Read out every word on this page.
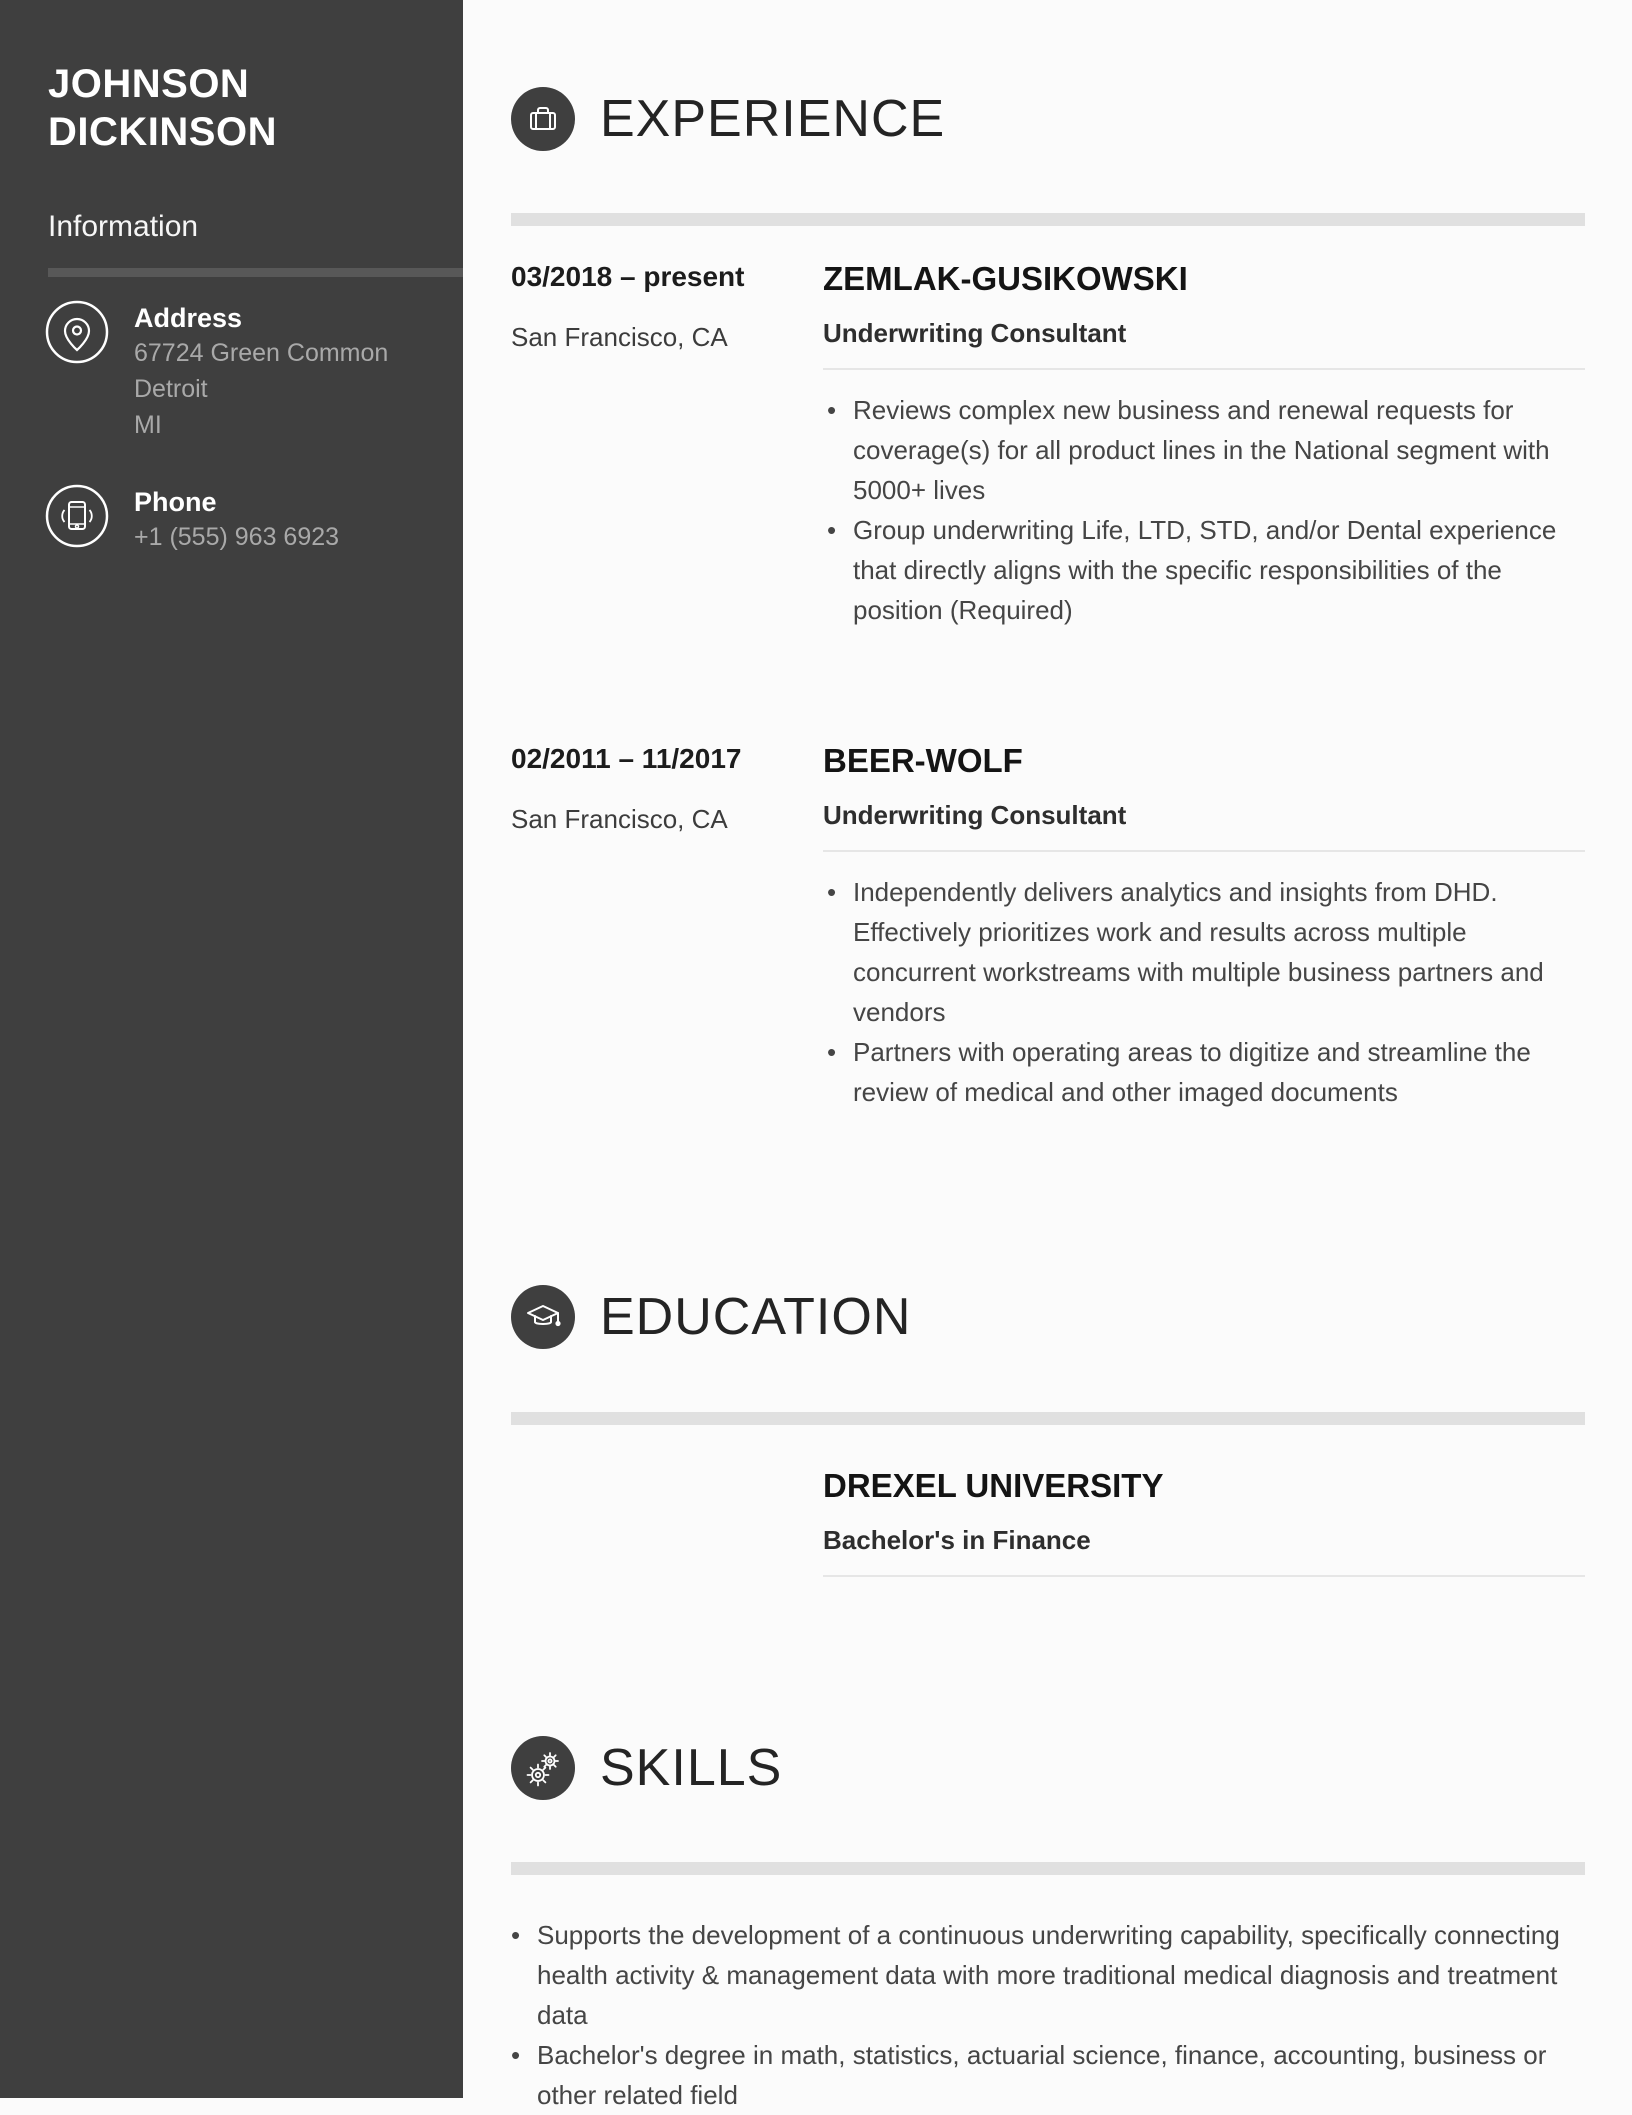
JOHNSON DICKINSON
Information
Address
67724 Green Common
Detroit
MI
Phone
+1 (555) 963 6923
EXPERIENCE
03/2018 – present
San Francisco, CA
ZEMLAK-GUSIKOWSKI
Underwriting Consultant
• Reviews complex new business and renewal requests for coverage(s) for all product lines in the National segment with 5000+ lives
• Group underwriting Life, LTD, STD, and/or Dental experience that directly aligns with the specific responsibilities of the position (Required)
02/2011 – 11/2017
San Francisco, CA
BEER-WOLF
Underwriting Consultant
• Independently delivers analytics and insights from DHD. Effectively prioritizes work and results across multiple concurrent workstreams with multiple business partners and vendors
• Partners with operating areas to digitize and streamline the review of medical and other imaged documents
EDUCATION
DREXEL UNIVERSITY
Bachelor's in Finance
SKILLS
• Supports the development of a continuous underwriting capability, specifically connecting health activity & management data with more traditional medical diagnosis and treatment data
• Bachelor's degree in math, statistics, actuarial science, finance, accounting, business or other related field
